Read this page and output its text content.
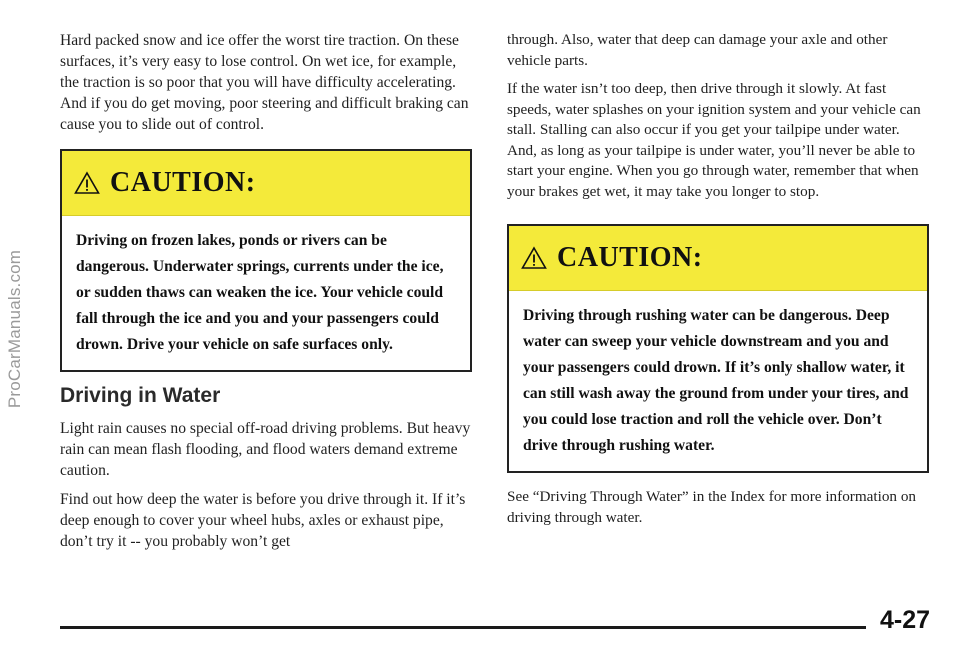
ProCarManuals.com

Hard packed snow and ice offer the worst tire traction. On these surfaces, it’s very easy to lose control. On wet ice, for example, the traction is so poor that you will have difficulty accelerating. And if you do get moving, poor steering and difficult braking can cause you to slide out of control.

CAUTION:
Driving on frozen lakes, ponds or rivers can be dangerous. Underwater springs, currents under the ice, or sudden thaws can weaken the ice. Your vehicle could fall through the ice and you and your passengers could drown. Drive your vehicle on safe surfaces only.
Driving in Water

Light rain causes no special off-road driving problems. But heavy rain can mean flash flooding, and flood waters demand extreme caution.

Find out how deep the water is before you drive through it. If it’s deep enough to cover your wheel hubs, axles or exhaust pipe, don’t try it -- you probably won’t get

through. Also, water that deep can damage your axle and other vehicle parts.

If the water isn’t too deep, then drive through it slowly. At fast speeds, water splashes on your ignition system and your vehicle can stall. Stalling can also occur if you get your tailpipe under water. And, as long as your tailpipe is under water, you’ll never be able to start your engine. When you go through water, remember that when your brakes get wet, it may take you longer to stop.

CAUTION:
Driving through rushing water can be dangerous. Deep water can sweep your vehicle downstream and you and your passengers could drown. If it’s only shallow water, it can still wash away the ground from under your tires, and you could lose traction and roll the vehicle over. Don’t drive through rushing water.

See “Driving Through Water” in the Index for more information on driving through water.

4-27
